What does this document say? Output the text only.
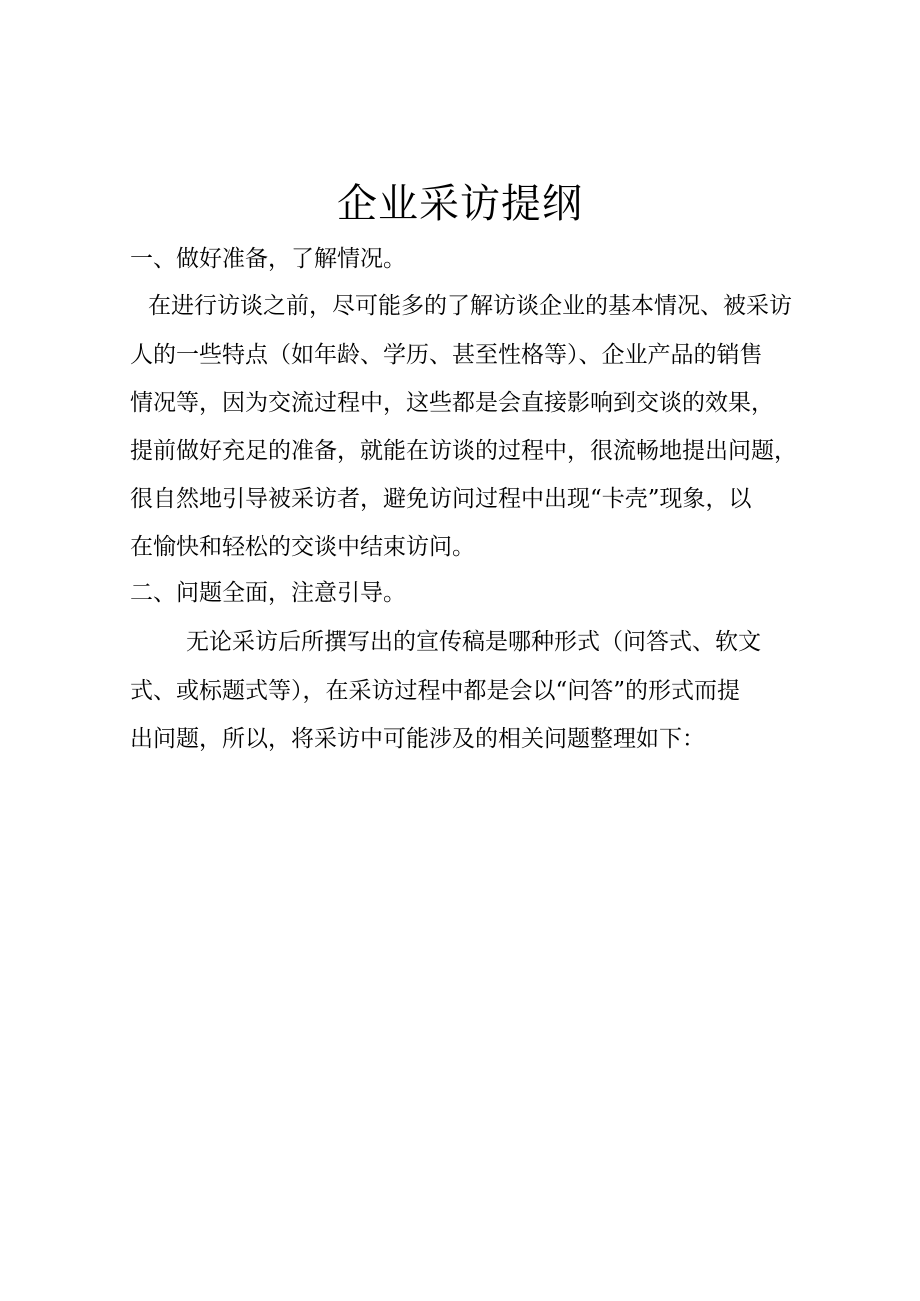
企业采访提纲
一、做好准备，了解情况。
在进行访谈之前，尽可能多的了解访谈企业的基本情况、被采访
人的一些特点（如年龄、学历、甚至性格等）、企业产品的销售
情况等，因为交流过程中，这些都是会直接影响到交谈的效果，
提前做好充足的准备，就能在访谈的过程中，很流畅地提出问题，
很自然地引导被采访者，避免访问过程中出现“卡壳”现象，以
在愉快和轻松的交谈中结束访问。
二、问题全面，注意引导。
无论采访后所撰写出的宣传稿是哪种形式（问答式、软文
式、或标题式等），在采访过程中都是会以“问答”的形式而提
出问题，所以，将采访中可能涉及的相关问题整理如下：
